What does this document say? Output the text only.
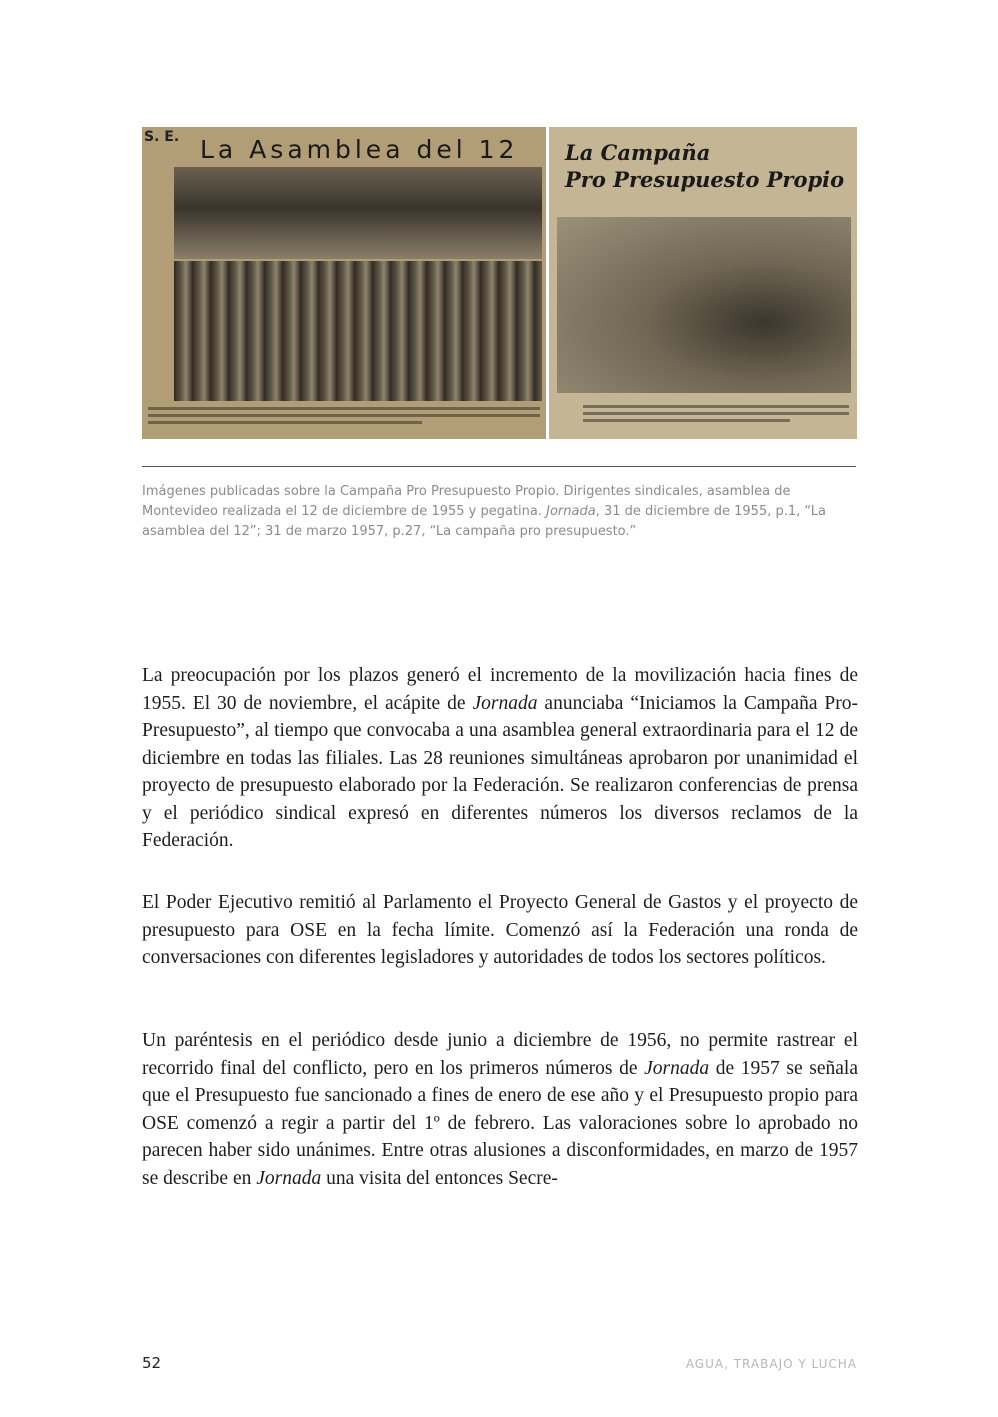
S. E. La Asamblea del 12 La Campaña
Pro Presupuesto Propio
Imágenes publicadas sobre la Campaña Pro Presupuesto Propio. Dirigentes sindicales, asamblea de Montevideo realizada el 12 de diciembre de 1955 y pegatina. Jornada, 31 de diciembre de 1955, p.1, “La asamblea del 12”; 31 de marzo 1957, p.27, “La campaña pro presupuesto.”

La preocupación por los plazos generó el incremento de la movilización hacia fines de 1955. El 30 de noviembre, el acápite de Jornada anunciaba “Iniciamos la Campaña Pro- Presupuesto”, al tiempo que convocaba a una asamblea general extraordinaria para el 12 de diciembre en todas las filiales. Las 28 reuniones simultáneas aprobaron por unanimidad el proyecto de presupuesto elaborado por la Federación. Se realizaron conferencias de prensa y el periódico sindical expresó en diferentes números los diversos reclamos de la Federación.

El Poder Ejecutivo remitió al Parlamento el Proyecto General de Gastos y el proyecto de presupuesto para OSE en la fecha límite. Comenzó así la Federación una ronda de conversaciones con diferentes legisladores y autoridades de todos los sectores políticos.

Un paréntesis en el periódico desde junio a diciembre de 1956, no permite rastrear el recorrido final del conflicto, pero en los primeros números de Jornada de 1957 se señala que el Presupuesto fue sancionado a fines de enero de ese año y el Presupuesto propio para OSE comenzó a regir a partir del 1º de febrero. Las valoraciones sobre lo aprobado no parecen haber sido unánimes. Entre otras alusiones a disconformidades, en marzo de 1957 se describe en Jornada una visita del entonces Secre-

52	AGUA, TRABAJO Y LUCHA
